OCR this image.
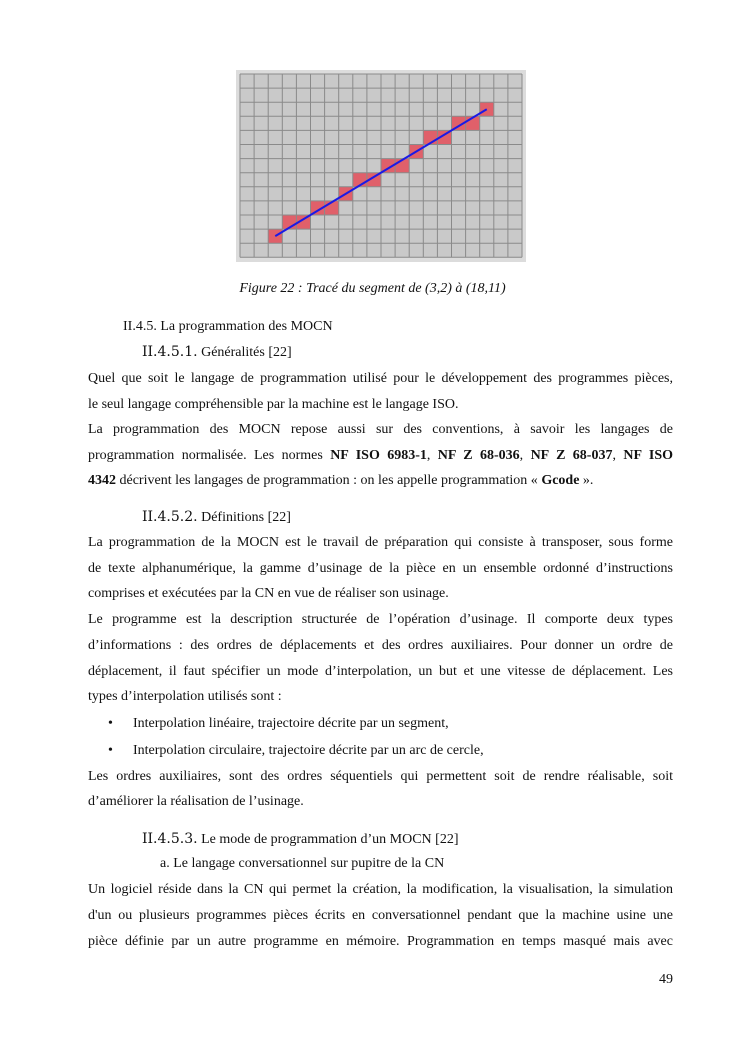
Figure 22 : Tracé du segment de (3,2) à (18,11)
II.4.5. La programmation des MOCN
II.4.5.1. Généralités [22]
Quel que soit le langage de programmation utilisé pour le développement des programmes pièces,
le seul langage compréhensible par la machine est le langage ISO.
La programmation des MOCN repose aussi sur des conventions, à savoir les langages de
programmation normalisée. Les normes NF ISO 6983-1, NF Z 68-036, NF Z 68-037, NF ISO
4342 décrivent les langages de programmation : on les appelle programmation « Gcode ».
II.4.5.2. Définitions [22]
La programmation de la MOCN est le travail de préparation qui consiste à transposer, sous forme
de texte alphanumérique, la gamme d’usinage de la pièce en un ensemble ordonné d’instructions
comprises et exécutées par la CN en vue de réaliser son usinage.
Le programme est la description structurée de l’opération d’usinage. Il comporte deux types
d’informations : des ordres de déplacements et des ordres auxiliaires. Pour donner un ordre de
déplacement, il faut spécifier un mode d’interpolation, un but et une vitesse de déplacement. Les
types d’interpolation utilisés sont :
• Interpolation linéaire, trajectoire décrite par un segment,
• Interpolation circulaire, trajectoire décrite par un arc de cercle,
Les ordres auxiliaires, sont des ordres séquentiels qui permettent soit de rendre réalisable, soit
d’améliorer la réalisation de l’usinage.
II.4.5.3. Le mode de programmation d’un MOCN [22]
a. Le langage conversationnel sur pupitre de la CN
Un logiciel réside dans la CN qui permet la création, la modification, la visualisation, la simulation
d'un ou plusieurs programmes pièces écrits en conversationnel pendant que la machine usine une
pièce définie par un autre programme en mémoire. Programmation en temps masqué mais avec
49
